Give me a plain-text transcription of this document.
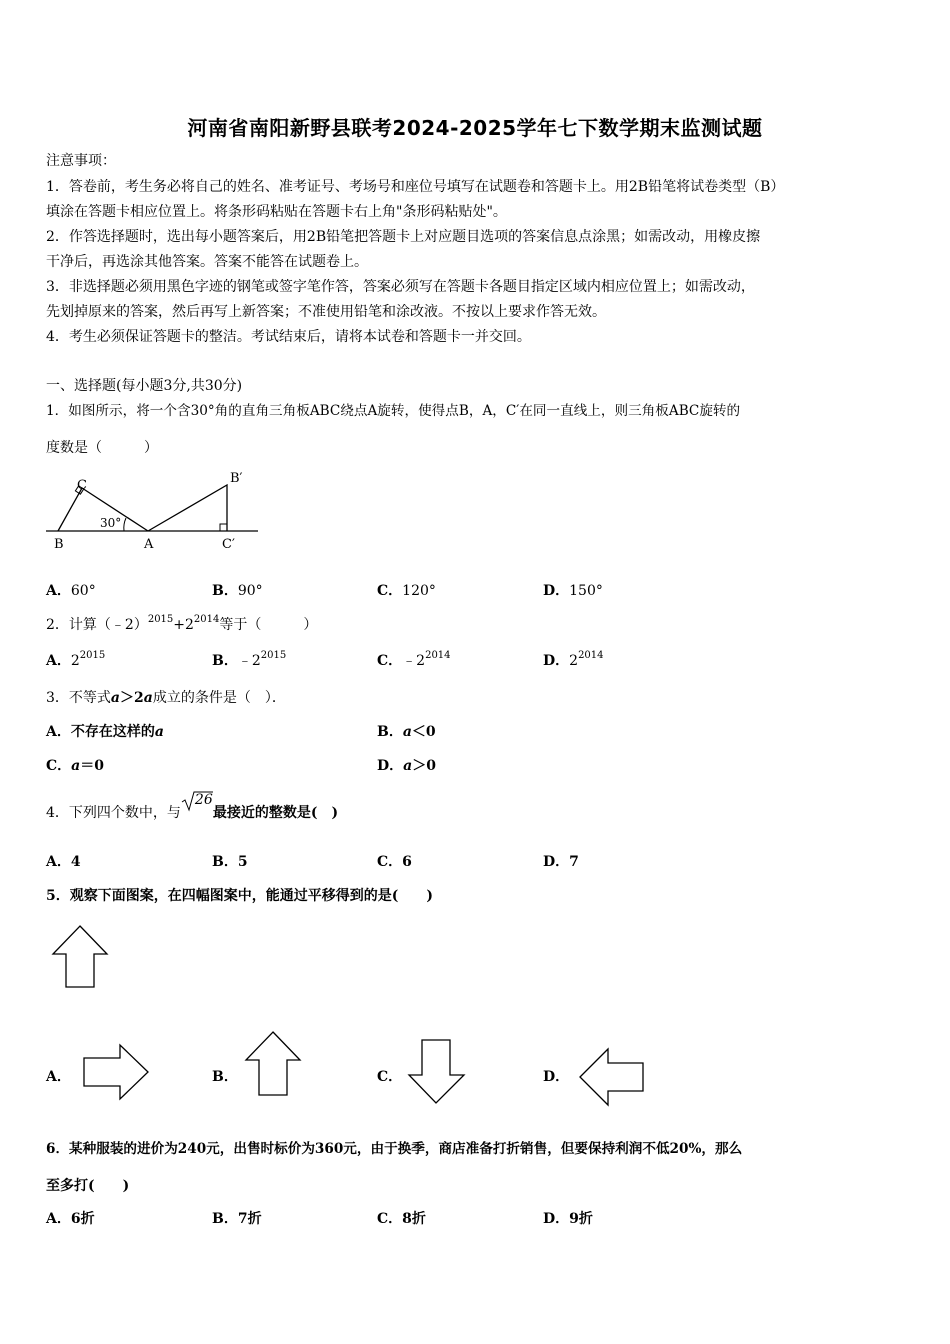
河南省南阳新野县联考2024-2025学年七下数学期末监测试题
注意事项：
1．答卷前，考生务必将自己的姓名、准考证号、考场号和座位号填写在试题卷和答题卡上。用2B铅笔将试卷类型（B）
填涂在答题卡相应位置上。将条形码粘贴在答题卡右上角"条形码粘贴处"。
2．作答选择题时，选出每小题答案后，用2B铅笔把答题卡上对应题目选项的答案信息点涂黑；如需改动，用橡皮擦
干净后，再选涂其他答案。答案不能答在试题卷上。
3．非选择题必须用黑色字迹的钢笔或签字笔作答，答案必须写在答题卡各题目指定区域内相应位置上；如需改动，
先划掉原来的答案，然后再写上新答案；不准使用铅笔和涂改液。不按以上要求作答无效。
4．考生必须保证答题卡的整洁。考试结束后，请将本试卷和答题卡一并交回。
一、选择题(每小题3分,共30分)
1．如图所示，将一个含30°角的直角三角板ABC绕点A旋转，使得点B，A，C′在同一直线上，则三角板ABC旋转的
度数是（　　　）
C
B	A
B′
C′
30°
A．60°	B．90°	C．120°	D．150°
2．计算$(﹣2)^{2015}+2^{2014}$等于（　　　）
A．$2^{2015}$	B．$﹣2^{2015}$	C．$﹣2^{2014}$	D．$2^{2014}$
3．不等式a＞2a成立的条件是（　）．
A．不存在这样的a	B．a＜0
C．a＝0	D．a＞0
4．下列四个数中，与
26
最接近的整数是(　)
A．4	B．5	C．6	D．7
5．观察下面图案，在四幅图案中，能通过平移得到的是(　　)
A．	B．	C．	D．
6．某种服装的进价为240元，出售时标价为360元，由于换季，商店准备打折销售，但要保持利润不低20%，那么
至多打(　　)
A．6折	B．7折	C．8折	D．9折
